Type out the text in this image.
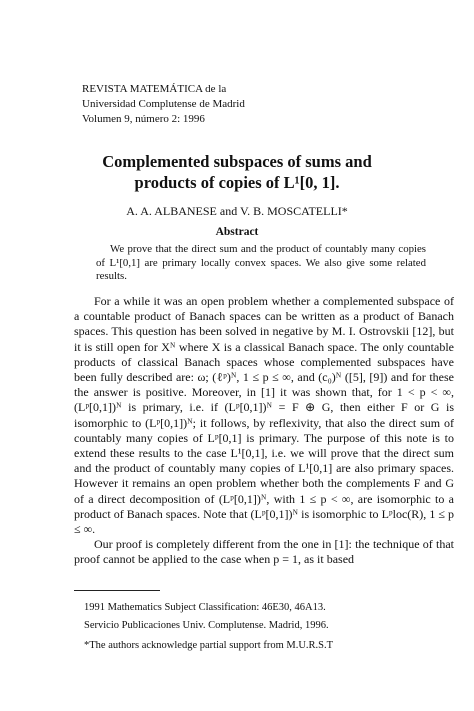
REVISTA MATEMÁTICA de la
Universidad Complutense de Madrid
Volumen 9, número 2: 1996
Complemented subspaces of sums and
products of copies of L¹[0, 1].
A. A. ALBANESE and V. B. MOSCATELLI*
Abstract
We prove that the direct sum and the product of countably many copies of L¹[0,1] are primary locally convex spaces. We also give some related results.

For a while it was an open problem whether a complemented subspace of a countable product of Banach spaces can be written as a product of Banach spaces. This question has been solved in negative by M. I. Ostrovskii [12], but it is still open for Xᴺ where X is a classical Banach space. The only countable products of classical Banach spaces whose complemented subspaces have been fully described are: ω; (ℓᵖ)ᴺ, 1 ≤ p ≤ ∞, and (c₀)ᴺ ([5], [9]) and for these the answer is positive. Moreover, in [1] it was shown that, for 1 < p < ∞, (Lᵖ[0,1])ᴺ is primary, i.e. if (Lᵖ[0,1])ᴺ = F ⊕ G, then either F or G is isomorphic to (Lᵖ[0,1])ᴺ; it follows, by reflexivity, that also the direct sum of countably many copies of Lᵖ[0,1] is primary. The purpose of this note is to extend these results to the case L¹[0,1], i.e. we will prove that the direct sum and the product of countably many copies of L¹[0,1] are also primary spaces. However it remains an open problem whether both the complements F and G of a direct decomposition of (Lᵖ[0,1])ᴺ, with 1 ≤ p < ∞, are isomorphic to a product of Banach spaces. Note that (Lᵖ[0,1])ᴺ is isomorphic to Lᵖloc(R), 1 ≤ p ≤ ∞.

Our proof is completely different from the one in [1]: the technique of that proof cannot be applied to the case when p = 1, as it based

1991 Mathematics Subject Classification: 46E30, 46A13.
Servicio Publicaciones Univ. Complutense. Madrid, 1996.
*The authors acknowledge partial support from M.U.R.S.T
